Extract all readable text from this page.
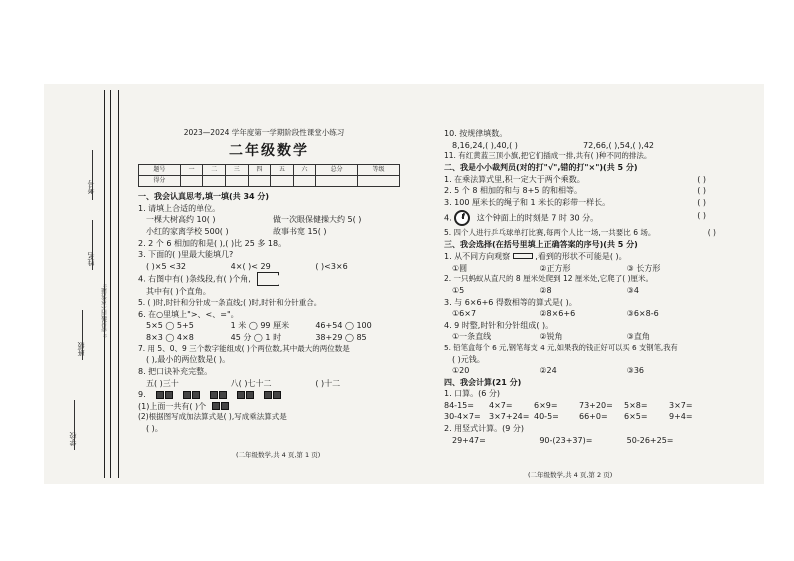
考号
姓名
班级
学校
☆密封线内不要答题☆
2023—2024 学年度第一学期阶段性课堂小练习
二年级数学
题号	一	二	三	四	五	六	总分	等级
得分								
一、我会认真思考,填一填(共 34 分)
1. 请填上合适的单位。
一棵大树高约 10( )	做一次眼保健操大约 5( )
小红的家离学校 500( )	故事书宽 15( )
2. 2 个 6 相加的和是( ),( )比 25 多 18。
3. 下面的( )里最大能填几?
( )×5 <32	4×( )< 29	( )<3×6
4. 右图中有( )条线段,有( )个角,
其中有( )个直角。
5. ( )时,时针和分针成一条直线;( )时,时针和分针重合。
6. 在○里填上">、<、="。
5×5 ◯ 5+5	1 米 ◯ 99 厘米	46+54 ◯ 100
8×3 ◯ 4×8	45 分 ◯ 1 时	38+29 ◯ 85
7. 用 5、0、9 三个数字能组成( )个两位数,其中最大的两位数是
( ),最小的两位数是( )。
8. 把口诀补充完整。
五( )三十	八( )七十二	( )十二
9.
(1)上面一共有( )个
(2)根据图写成加法算式是( ),写成乘法算式是
( )。
(二年级数学,共 4 页,第 1 页)
10. 按规律填数。
8,16,24,( ),40,( )	72,66,( ),54,( ),42
11. 有红黄蓝三顶小旗,把它们插成一排,共有( )种不同的排法。
二、我是小小裁判员(对的打"√",错的打"×")(共 5 分)
1. 在乘法算式里,积一定大于两个乘数。	( )
2. 5 个 8 相加的和与 8+5 的和相等。	( )
3. 100 厘米长的绳子和 1 米长的彩带一样长。	( )
4.	这个钟面上的时刻是 7 时 30 分。	( )
5. 四个人进行乒乓球单打比赛,每两个人比一场,一共要比 6 场。	( )
三、我会选择(在括号里填上正确答案的序号)(共 5 分)
1. 从不同方向观察	,看到的形状不可能是( )。
①圆	②正方形	③ 长方形
2. 一只蚂蚁从直尺的 8 厘米处爬到 12 厘米处,它爬了( )厘米。
①5	②8	③4
3. 与 6×6+6 得数相等的算式是( )。
①6×7	②8×6+6	③6×8-6
4. 9 时整,时针和分针组成( )。
①一条直线	②锐角	③直角
5. 铅笔盒每个 6 元,钢笔每支 4 元,如果我的钱正好可以买 6 支钢笔,我有
( )元钱。
①20	②24	③36
四、我会计算(21 分)
1. 口算。(6 分)
84-15=	4×7=	6×9=	73+20=	5×8=	3×7=
30-4×7=	3×7+24= 40-5=	66+0=	6×5=	9+4=
2. 用竖式计算。(9 分)
29+47=	90-(23+37)=	50-26+25=
(二年级数学,共 4 页,第 2 页)
